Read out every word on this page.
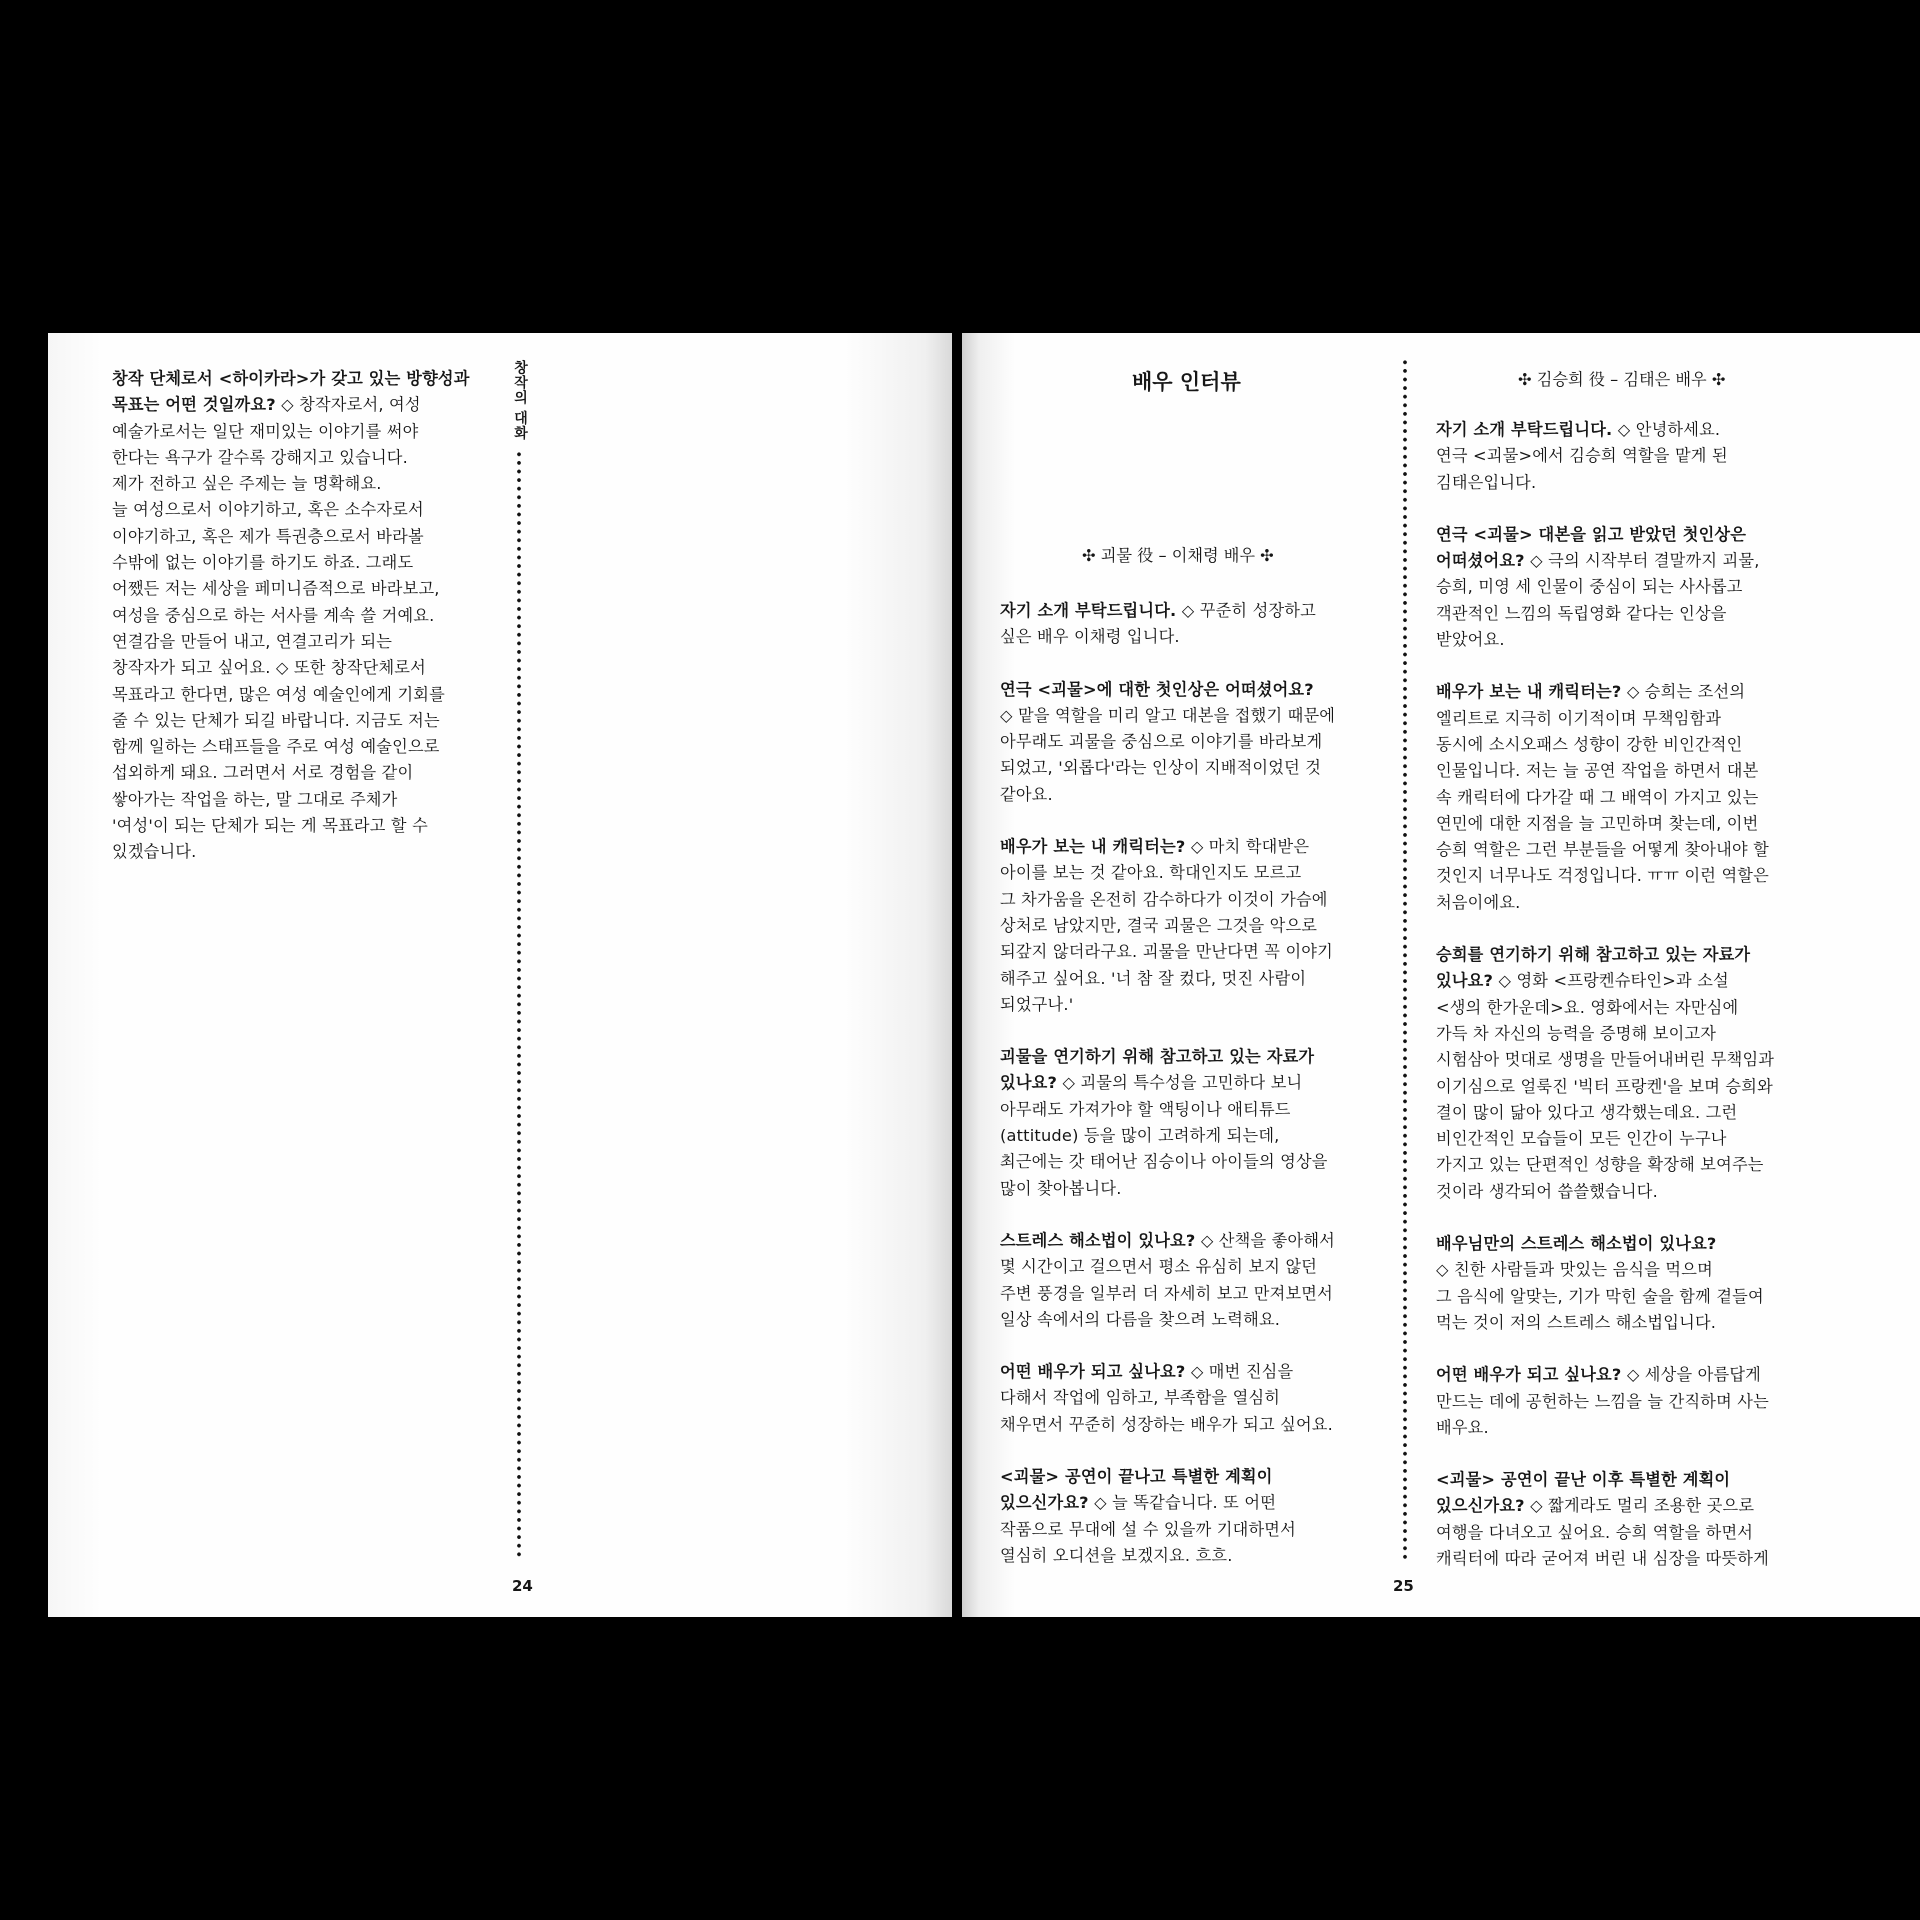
창작 단체로서 <하이카라>가 갖고 있는 방향성과
목표는 어떤 것일까요? ◇ 창작자로서, 여성
예술가로서는 일단 재미있는 이야기를 써야
한다는 욕구가 갈수록 강해지고 있습니다.
제가 전하고 싶은 주제는 늘 명확해요.
늘 여성으로서 이야기하고, 혹은 소수자로서
이야기하고, 혹은 제가 특권층으로서 바라볼
수밖에 없는 이야기를 하기도 하죠. 그래도
어쨌든 저는 세상을 페미니즘적으로 바라보고,
여성을 중심으로 하는 서사를 계속 쓸 거예요.
연결감을 만들어 내고, 연결고리가 되는
창작자가 되고 싶어요. ◇ 또한 창작단체로서
목표라고 한다면, 많은 여성 예술인에게 기회를
줄 수 있는 단체가 되길 바랍니다. 지금도 저는
함께 일하는 스태프들을 주로 여성 예술인으로
섭외하게 돼요. 그러면서 서로 경험을 같이
쌓아가는 작업을 하는, 말 그대로 주체가
'여성'이 되는 단체가 되는 게 목표라고 할 수
있겠습니다.
창작의 대화
24
배우 인터뷰
✣ 괴물 役 – 이채령 배우 ✣
✣ 김승희 役 – 김태은 배우 ✣
자기 소개 부탁드립니다. ◇ 꾸준히 성장하고
싶은 배우 이채령 입니다.
연극 <괴물>에 대한 첫인상은 어떠셨어요?
◇ 맡을 역할을 미리 알고 대본을 접했기 때문에
아무래도 괴물을 중심으로 이야기를 바라보게
되었고, '외롭다'라는 인상이 지배적이었던 것
같아요.
배우가 보는 내 캐릭터는? ◇ 마치 학대받은
아이를 보는 것 같아요. 학대인지도 모르고
그 차가움을 온전히 감수하다가 이것이 가슴에
상처로 남았지만, 결국 괴물은 그것을 악으로
되갚지 않더라구요. 괴물을 만난다면 꼭 이야기
해주고 싶어요. '너 참 잘 컸다, 멋진 사람이
되었구나.'
괴물을 연기하기 위해 참고하고 있는 자료가
있나요? ◇ 괴물의 특수성을 고민하다 보니
아무래도 가져가야 할 액팅이나 애티튜드
(attitude) 등을 많이 고려하게 되는데,
최근에는 갓 태어난 짐승이나 아이들의 영상을
많이 찾아봅니다.
스트레스 해소법이 있나요? ◇ 산책을 좋아해서
몇 시간이고 걸으면서 평소 유심히 보지 않던
주변 풍경을 일부러 더 자세히 보고 만져보면서
일상 속에서의 다름을 찾으려 노력해요.
어떤 배우가 되고 싶나요? ◇ 매번 진심을
다해서 작업에 임하고, 부족함을 열심히
채우면서 꾸준히 성장하는 배우가 되고 싶어요.
<괴물> 공연이 끝나고 특별한 계획이
있으신가요? ◇ 늘 똑같습니다. 또 어떤
작품으로 무대에 설 수 있을까 기대하면서
열심히 오디션을 보겠지요. 흐흐.
자기 소개 부탁드립니다. ◇ 안녕하세요.
연극 <괴물>에서 김승희 역할을 맡게 된
김태은입니다.
연극 <괴물> 대본을 읽고 받았던 첫인상은
어떠셨어요? ◇ 극의 시작부터 결말까지 괴물,
승희, 미영 세 인물이 중심이 되는 사사롭고
객관적인 느낌의 독립영화 같다는 인상을
받았어요.
배우가 보는 내 캐릭터는? ◇ 승희는 조선의
엘리트로 지극히 이기적이며 무책임함과
동시에 소시오패스 성향이 강한 비인간적인
인물입니다. 저는 늘 공연 작업을 하면서 대본
속 캐릭터에 다가갈 때 그 배역이 가지고 있는
연민에 대한 지점을 늘 고민하며 찾는데, 이번
승희 역할은 그런 부분들을 어떻게 찾아내야 할
것인지 너무나도 걱정입니다. ㅠㅠ 이런 역할은
처음이에요.
승희를 연기하기 위해 참고하고 있는 자료가
있나요? ◇ 영화 <프랑켄슈타인>과 소설
<생의 한가운데>요. 영화에서는 자만심에
가득 차 자신의 능력을 증명해 보이고자
시험삼아 멋대로 생명을 만들어내버린 무책임과
이기심으로 얼룩진 '빅터 프랑켄'을 보며 승희와
결이 많이 닮아 있다고 생각했는데요. 그런
비인간적인 모습들이 모든 인간이 누구나
가지고 있는 단편적인 성향을 확장해 보여주는
것이라 생각되어 씁쓸했습니다.
배우님만의 스트레스 해소법이 있나요?
◇ 친한 사람들과 맛있는 음식을 먹으며
그 음식에 알맞는, 기가 막힌 술을 함께 곁들여
먹는 것이 저의 스트레스 해소법입니다.
어떤 배우가 되고 싶나요? ◇ 세상을 아름답게
만드는 데에 공헌하는 느낌을 늘 간직하며 사는
배우요.
<괴물> 공연이 끝난 이후 특별한 계획이
있으신가요? ◇ 짧게라도 멀리 조용한 곳으로
여행을 다녀오고 싶어요. 승희 역할을 하면서
캐릭터에 따라 굳어져 버린 내 심장을 따뜻하게
25
